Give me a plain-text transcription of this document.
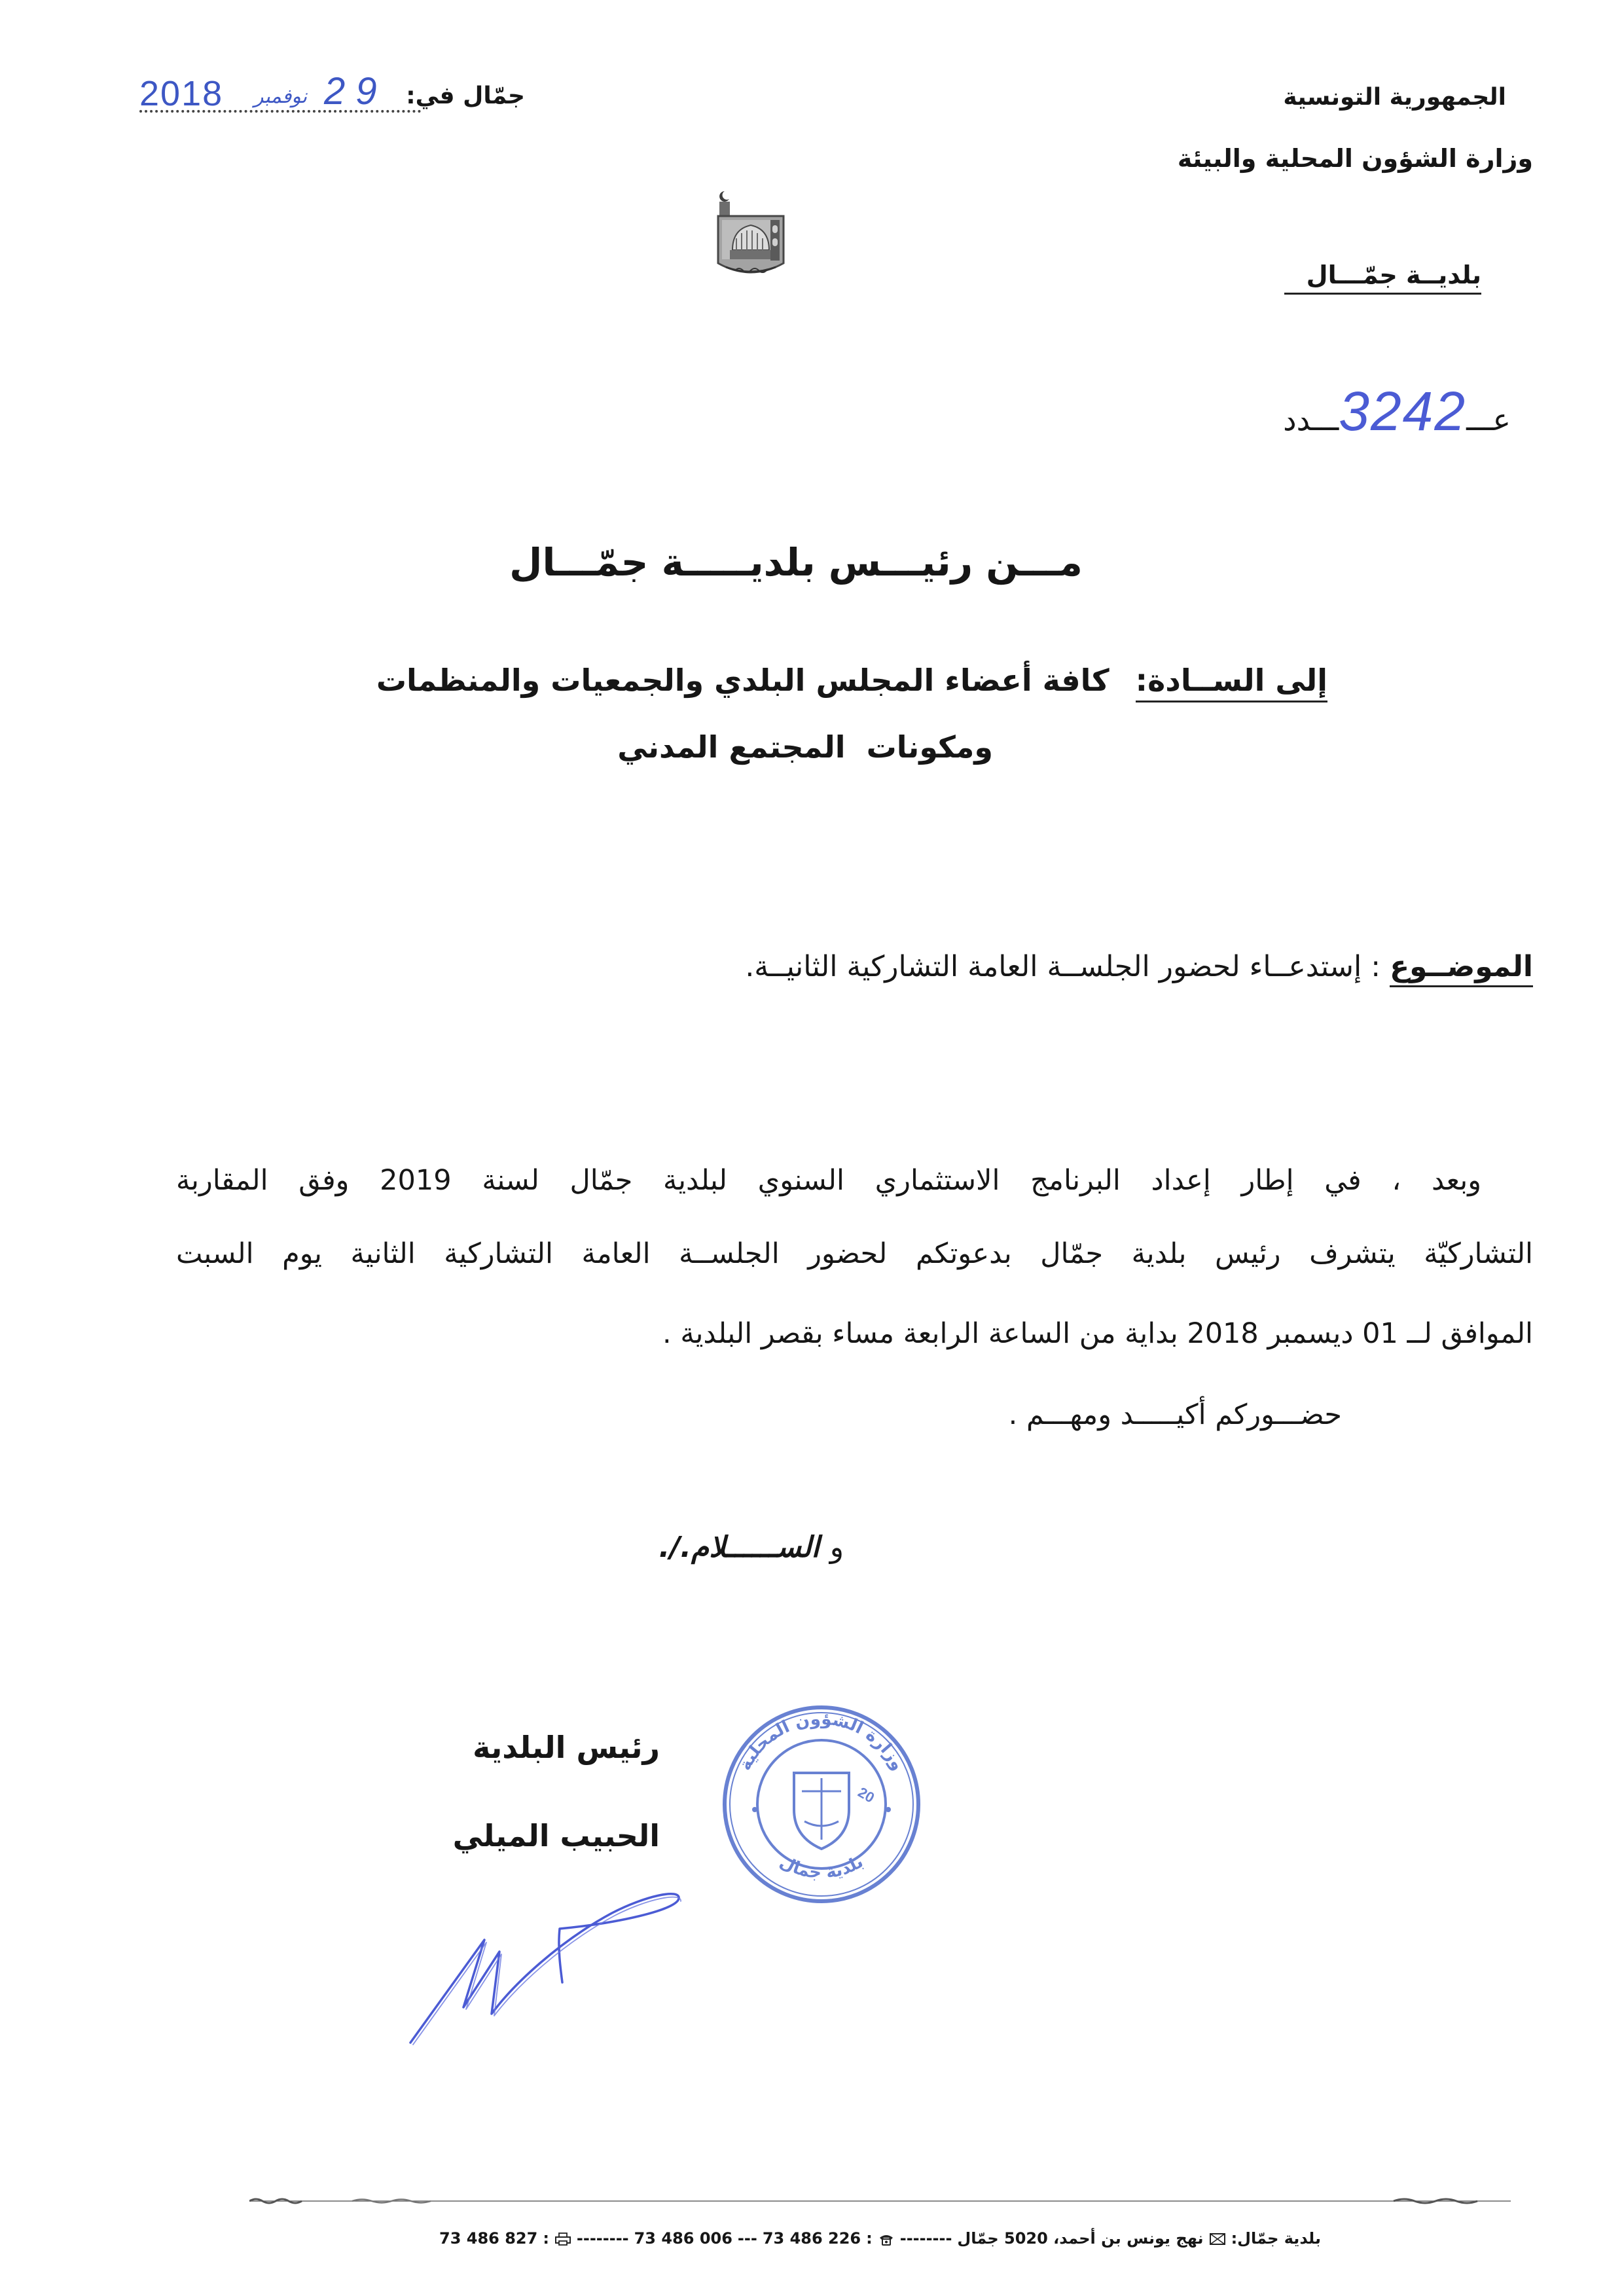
الجمهورية التونسية
وزارة الشؤون المحلية والبيئة
بلديــة جمّـــال
جمّال في:
2018 نوفمبر 2 9
عـــ
3242
ـــدد
مـــن رئيـــس بلديـــــة جمّـــال
إلى الســادة:
كافة أعضاء المجلس البلدي والجمعيات والمنظمات
ومكونات  المجتمع المدني
الموضــوع
: إستدعــاء لحضور الجلســة العامة التشاركية الثانيــة.
وبعد ، في إطار إعداد البرنامج الاستثماري السنوي لبلدية جمّال لسنة 2019 وفق المقاربة
التشاركيّة يتشرف رئيس بلدية جمّال بدعوتكم لحضور الجلســة العامة التشاركية الثانية يوم السبت
الموافق لــ 01 ديسمبر 2018 بداية من الساعة الرابعة مساء بقصر البلدية .
حضـــوركم أكيـــــد ومهـــم .
و
الســــــلام./.
رئيس البلدية
الحبيب الميلي
وزارة الشؤون المحلية
بلدية جمال
20
بلدية جمّال:
نهج يونس بن أحمد، 5020 جمّال
--------
:
73 486 226
---
73 486 006
--------
:
73 486 827
